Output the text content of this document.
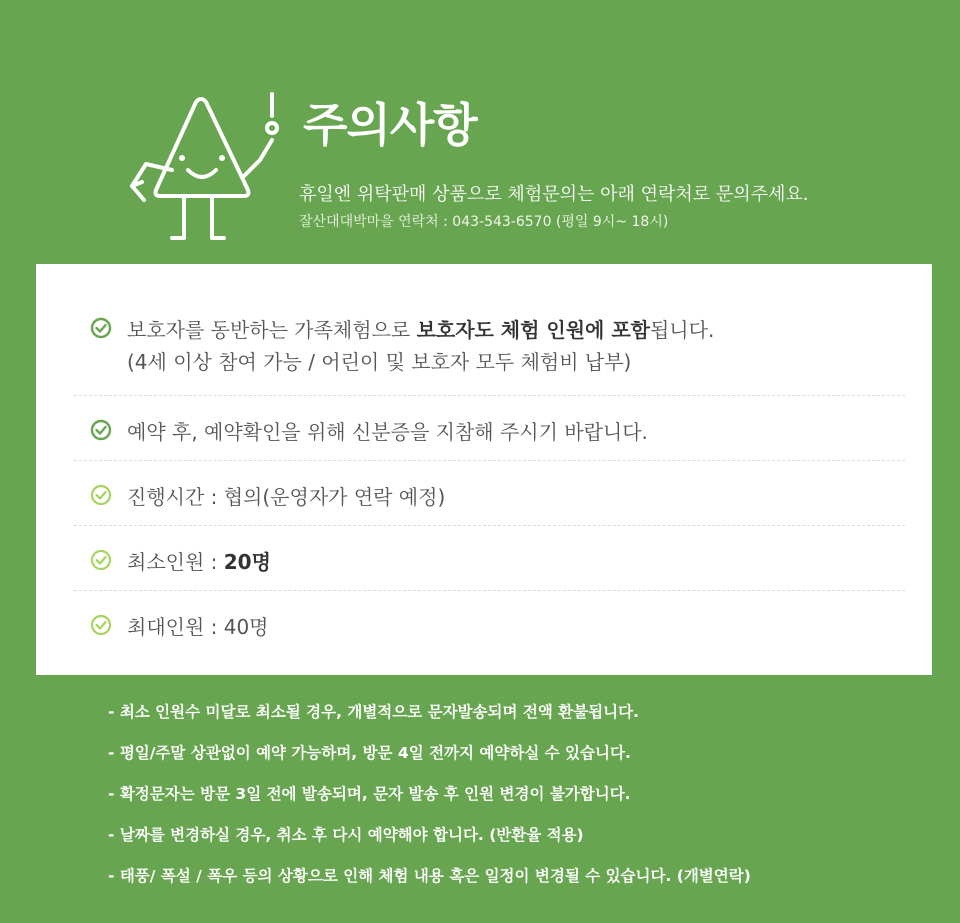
주의사항
휴일엔 위탁판매 상품으로 체험문의는 아래 연락처로 문의주세요.
잘산대대박마을 연락처 : 043-543-6570 (평일 9시~ 18시)
보호자를 동반하는 가족체험으로 보호자도 체험 인원에 포함됩니다.
(4세 이상 참여 가능 / 어린이 및 보호자 모두 체험비 납부)
예약 후, 예약확인을 위해 신분증을 지참해 주시기 바랍니다.
진행시간 : 협의(운영자가 연락 예정)
최소인원 : 20명
최대인원 : 40명
- 최소 인원수 미달로 최소될 경우, 개별적으로 문자발송되며 전액 환불됩니다.
- 평일/주말 상관없이 예약 가능하며, 방문 4일 전까지 예약하실 수 있습니다.
- 확정문자는 방문 3일 전에 발송되며, 문자 발송 후 인원 변경이 불가합니다.
- 날짜를 변경하실 경우, 취소 후 다시 예약해야 합니다. (반환율 적용)
- 태풍/ 폭설 / 폭우 등의 상황으로 인해 체험 내용 혹은 일정이 변경될 수 있습니다. (개별연락)
